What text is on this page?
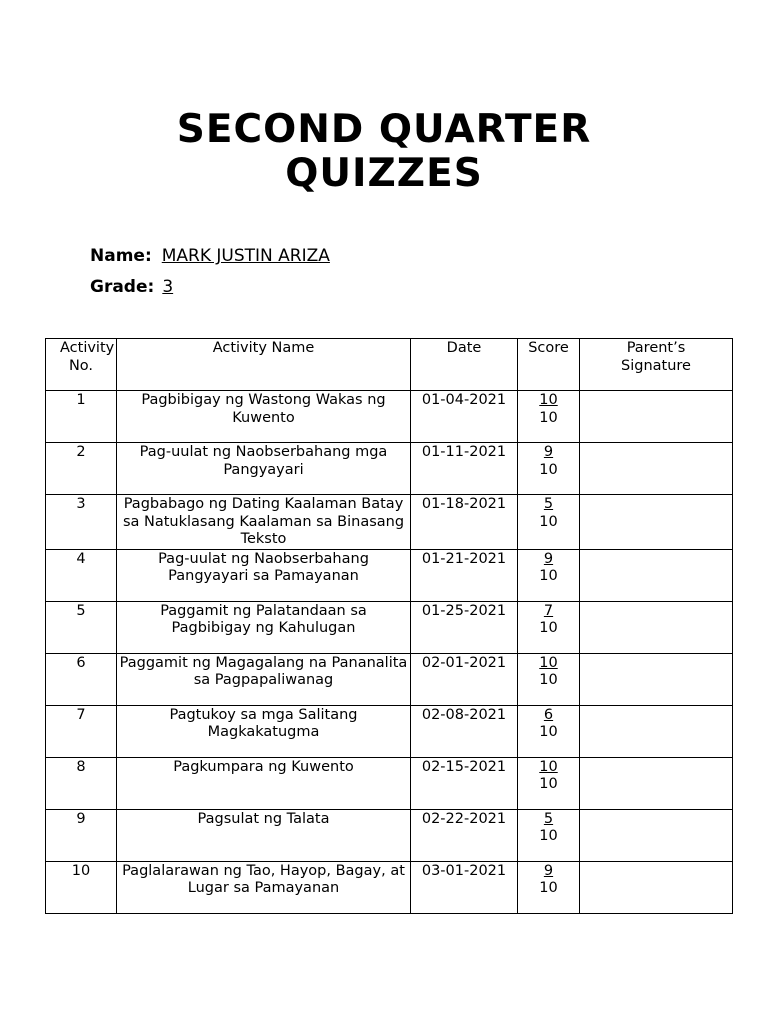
SECOND QUARTER
QUIZZES
Name: MARK JUSTIN ARIZA
Grade: 3
Activity No.	Activity Name	Date	Score	Parent’s Signature
1	Pagbibigay ng Wastong Wakas ng Kuwento	01-04-2021	10
10	

2	Pag-uulat ng Naobserbahang mga Pangyayari	01-11-2021	9
10	

3	Pagbabago ng Dating Kaalaman Batay sa Natuklasang Kaalaman sa Binasang Teksto	01-18-2021	5
10	

4	Pag-uulat ng Naobserbahang Pangyayari sa Pamayanan	01-21-2021	9
10	

5	Paggamit ng Palatandaan sa Pagbibigay ng Kahulugan	01-25-2021	7
10	

6	Paggamit ng Magagalang na Pananalita sa Pagpapaliwanag	02-01-2021	10
10	

7	Pagtukoy sa mga Salitang Magkakatugma	02-08-2021	6
10	

8	Pagkumpara ng Kuwento	02-15-2021	10
10	

9	Pagsulat ng Talata	02-22-2021	5
10	

10	Paglalarawan ng Tao, Hayop, Bagay, at Lugar sa Pamayanan	03-01-2021	9
10	
